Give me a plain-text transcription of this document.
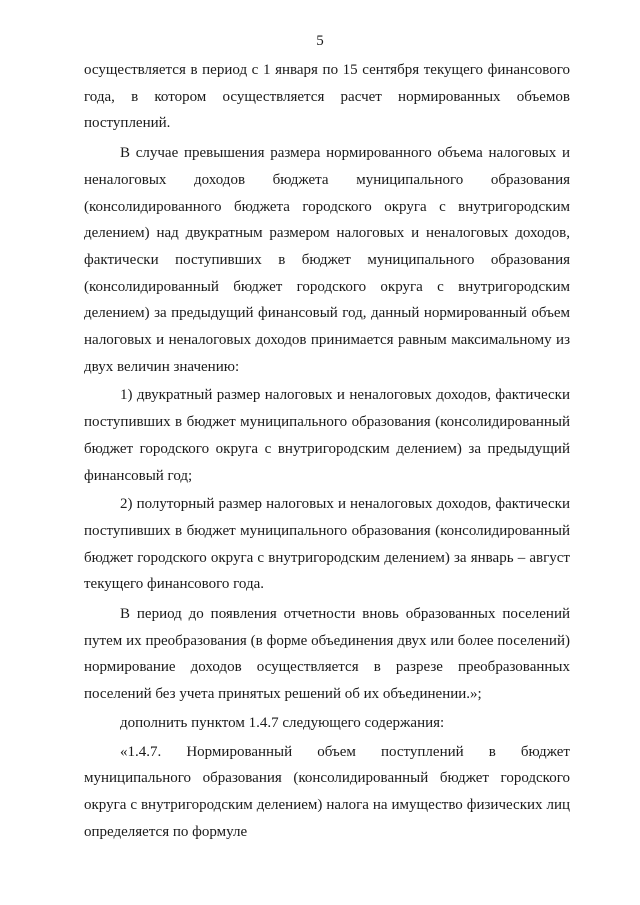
5

осуществляется в период с 1 января по 15 сентября текущего финансового года, в котором осуществляется расчет нормированных объемов поступлений.

В случае превышения размера нормированного объема налоговых и неналоговых доходов бюджета муниципального образования (консолидированного бюджета городского округа с внутригородским делением) над двукратным размером налоговых и неналоговых доходов, фактически поступивших в бюджет муниципального образования (консолидированный бюджет городского округа с внутригородским делением) за предыдущий финансовый год, данный нормированный объем налоговых и неналоговых доходов принимается равным максимальному из двух величин значению:

1) двукратный размер налоговых и неналоговых доходов, фактически поступивших в бюджет муниципального образования (консолидированный бюджет городского округа с внутригородским делением) за предыдущий финансовый год;

2) полуторный размер налоговых и неналоговых доходов, фактически поступивших в бюджет муниципального образования (консолидированный бюджет городского округа с внутригородским делением) за январь – август текущего финансового года.

В период до появления отчетности вновь образованных поселений путем их преобразования (в форме объединения двух или более поселений) нормирование доходов осуществляется в разрезе преобразованных поселений без учета принятых решений об их объединении.»;

дополнить пунктом 1.4.7 следующего содержания:

«1.4.7. Нормированный объем поступлений в бюджет муниципального образования (консолидированный бюджет городского округа с внутригородским делением) налога на имущество физических лиц определяется по формуле
